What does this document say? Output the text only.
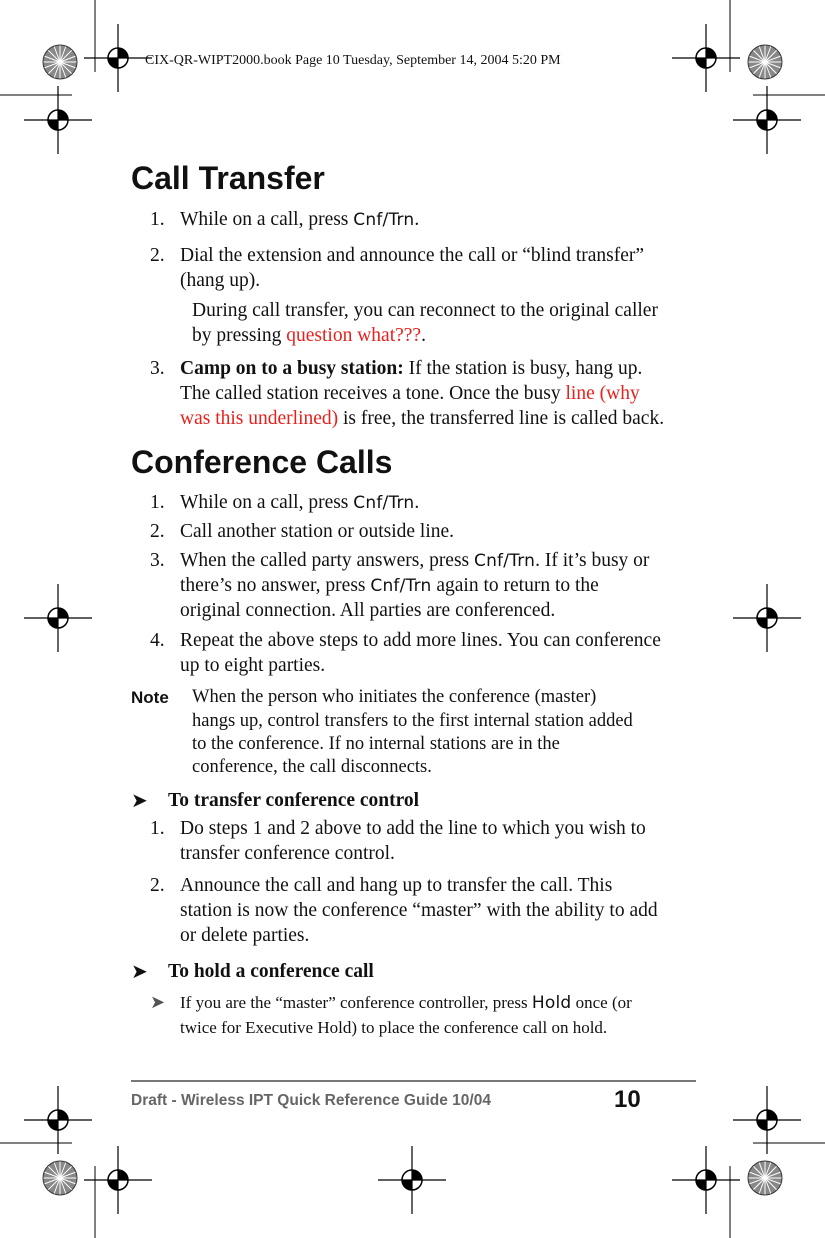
CIX-QR-WIPT2000.book Page 10 Tuesday, September 14, 2004 5:20 PM
Call Transfer
1. While on a call, press Cnf/Trn.
2. Dial the extension and announce the call or “blind transfer”
(hang up).
During call transfer, you can reconnect to the original caller
by pressing question what???.
3. Camp on to a busy station: If the station is busy, hang up.
The called station receives a tone. Once the busy line (why
was this underlined) is free, the transferred line is called back.
Conference Calls
1. While on a call, press Cnf/Trn.
2. Call another station or outside line.
3. When the called party answers, press Cnf/Trn. If it’s busy or
there’s no answer, press Cnf/Trn again to return to the
original connection. All parties are conferenced.
4. Repeat the above steps to add more lines. You can conference
up to eight parties.
Note When the person who initiates the conference (master)
hangs up, control transfers to the first internal station added
to the conference. If no internal stations are in the
conference, the call disconnects.
➤ To transfer conference control
1. Do steps 1 and 2 above to add the line to which you wish to
transfer conference control.
2. Announce the call and hang up to transfer the call. This
station is now the conference “master” with the ability to add
or delete parties.
➤ To hold a conference call
➤ If you are the “master” conference controller, press Hold once (or
twice for Executive Hold) to place the conference call on hold.
Draft - Wireless IPT Quick Reference Guide 10/04	10
